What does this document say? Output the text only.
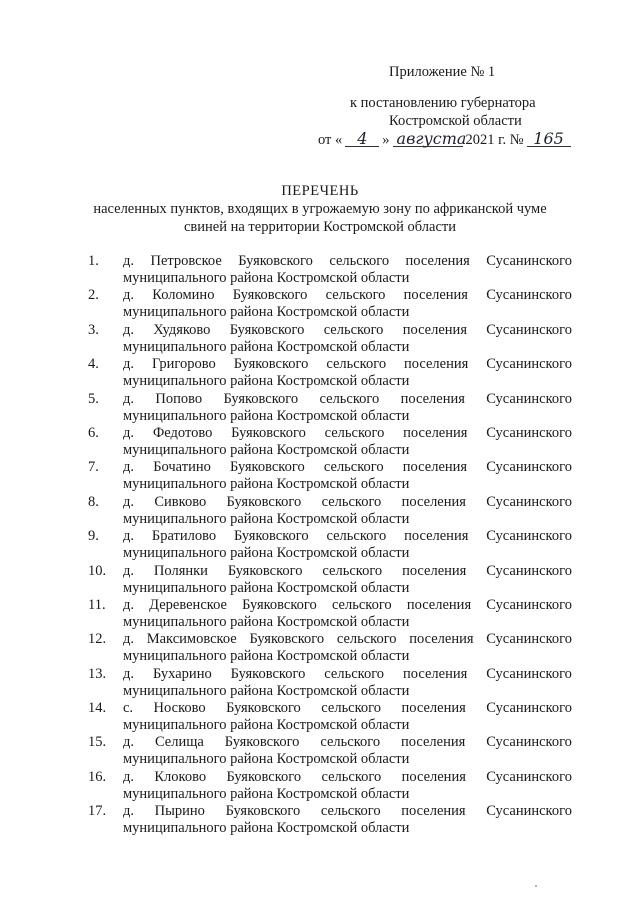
Приложение № 1
к постановлению губернатора
Костромской области
от « 4	» августа 2021 г. № 165
ПЕРЕЧЕНЬ
населенных пунктов, входящих в угрожаемую зону по африканской чуме
свиней на территории Костромской области
1. д. Петровское Буяковского сельского поселения Сусанинского
муниципального района Костромской области
2. д. Коломино Буяковского сельского поселения Сусанинского
муниципального района Костромской области
3. д. Худяково Буяковского сельского поселения Сусанинского
муниципального района Костромской области
4. д. Григорово Буяковского сельского поселения Сусанинского
муниципального района Костромской области
5. д. Попово Буяковского сельского поселения Сусанинского
муниципального района Костромской области
6. д. Федотово Буяковского сельского поселения Сусанинского
муниципального района Костромской области
7. д. Бочатино Буяковского сельского поселения Сусанинского
муниципального района Костромской области
8. д. Сивково Буяковского сельского поселения Сусанинского
муниципального района Костромской области
9. д. Братилово Буяковского сельского поселения Сусанинского
муниципального района Костромской области
10. д. Полянки Буяковского сельского поселения Сусанинского
муниципального района Костромской области
11. д. Деревенское Буяковского сельского поселения Сусанинского
муниципального района Костромской области
12. д. Максимовское Буяковского сельского поселения Сусанинского
муниципального района Костромской области
13. д. Бухарино Буяковского сельского поселения Сусанинского
муниципального района Костромской области
14. с. Носково Буяковского сельского поселения Сусанинского
муниципального района Костромской области
15. д. Селища Буяковского сельского поселения Сусанинского
муниципального района Костромской области
16. д. Клоково Буяковского сельского поселения Сусанинского
муниципального района Костромской области
17. д. Пырино Буяковского сельского поселения Сусанинского
муниципального района Костромской области
